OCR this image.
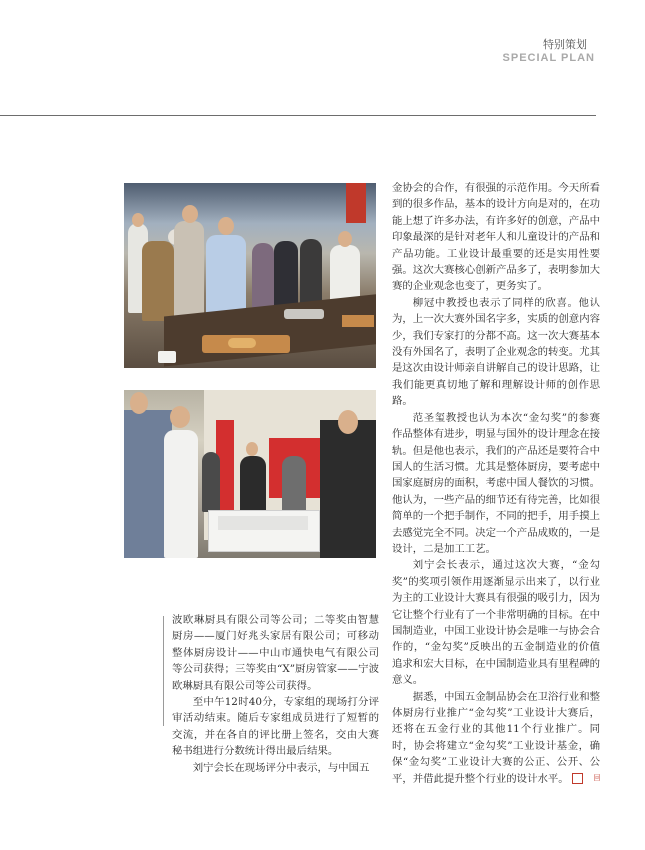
特别策划
SPECIAL PLAN

金协会的合作，有很强的示范作用。今天所看到的很多作品，基本的设计方向是对的，在功能上想了许多办法，有许多好的创意，产品中印象最深的是针对老年人和儿童设计的产品和产品功能。工业设计最重要的还是实用性要强。这次大赛核心创新产品多了，表明参加大赛的企业观念也变了，更务实了。

柳冠中教授也表示了同样的欣喜。他认为，上一次大赛外国名字多，实质的创意内容少，我们专家打的分都不高。这一次大赛基本没有外国名了，表明了企业观念的转变。尤其是这次由设计师亲自讲解自己的设计思路，让我们能更真切地了解和理解设计师的创作思路。

范圣玺教授也认为本次“金勾奖”的参赛作品整体有进步，明显与国外的设计理念在接轨。但是他也表示，我们的产品还是要符合中国人的生活习惯。尤其是整体厨房，要考虑中国家庭厨房的面积，考虑中国人餐饮的习惯。他认为，一些产品的细节还有待完善，比如很简单的一个把手制作，不同的把手，用手摸上去感觉完全不同。决定一个产品成败的，一是设计，二是加工工艺。

刘宁会长表示，通过这次大赛，“金勾奖”的奖项引领作用逐渐显示出来了，以行业为主的工业设计大赛具有很强的吸引力，因为它让整个行业有了一个非常明确的目标。在中国制造业，中国工业设计协会是唯一与协会合作的，“金勾奖”反映出的五金制造业的价值追求和宏大目标，在中国制造业具有里程碑的意义。

据悉，中国五金制品协会在卫浴行业和整体厨房行业推广“金勾奖”工业设计大赛后，还将在五金行业的其他11个行业推广。同时，协会将建立“金勾奖”工业设计基金，确保“金勾奖”工业设计大赛的公正、公开、公平，并借此提升整个行业的设计水平。	回

波欧琳厨具有限公司等公司；二等奖由智慧厨房——厦门好兆头家居有限公司；可移动整体厨房设计——中山市通快电气有限公司等公司获得；三等奖由“X”厨房管家——宁波欧琳厨具有限公司等公司获得。

至中午12时40分，专家组的现场打分评审活动结束。随后专家组成员进行了短暂的交流，并在各自的评比册上签名，交由大赛秘书组进行分数统计得出最后结果。

刘宁会长在现场评分中表示，与中国五
